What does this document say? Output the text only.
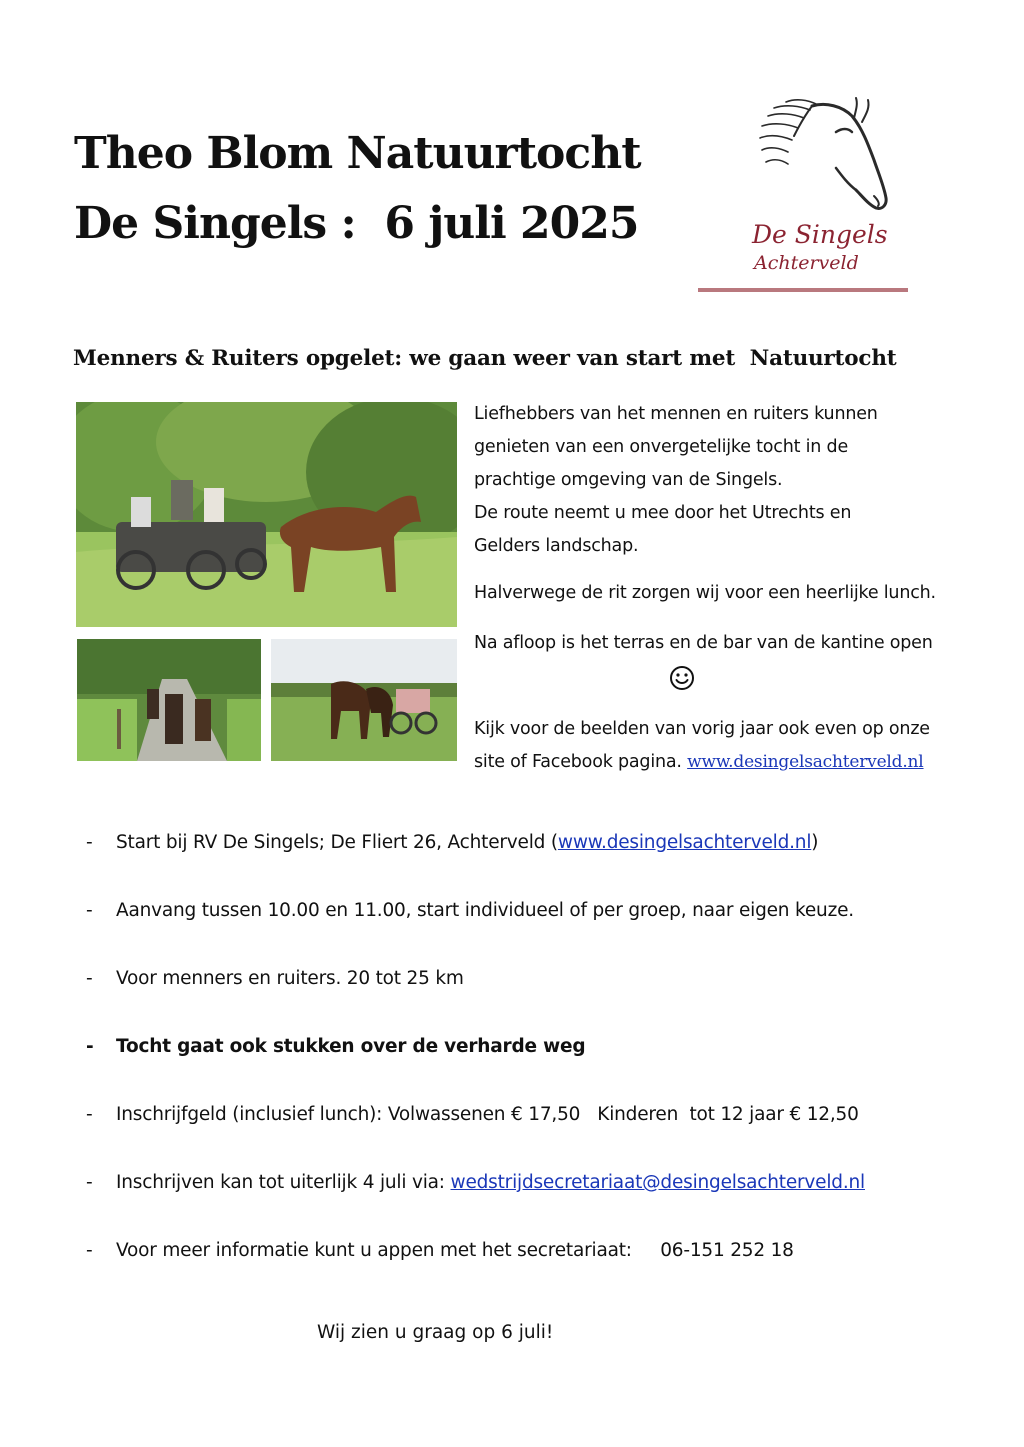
Theo Blom Natuurtocht
De Singels :  6 juli 2025	De Singels
Achterveld
Menners & Ruiters opgelet: we gaan weer van start met  Natuurtocht
Liefhebbers van het mennen en ruiters kunnen
genieten van een onvergetelijke tocht in de
prachtige omgeving van de Singels.
De route neemt u mee door het Utrechts en
Gelders landschap.
Halverwege de rit zorgen wij voor een heerlijke lunch.
Na afloop is het terras en de bar van de kantine open
Kijk voor de beelden van vorig jaar ook even op onze
site of Facebook pagina. www.desingelsachterveld.nl
- Start bij RV De Singels; De Fliert 26, Achterveld (www.desingelsachterveld.nl)
- Aanvang tussen 10.00 en 11.00, start individueel of per groep, naar eigen keuze.
- Voor menners en ruiters. 20 tot 25 km
- Tocht gaat ook stukken over de verharde weg
- Inschrijfgeld (inclusief lunch): Volwassenen € 17,50   Kinderen  tot 12 jaar € 12,50
- Inschrijven kan tot uiterlijk 4 juli via: wedstrijdsecretariaat@desingelsachterveld.nl
- Voor meer informatie kunt u appen met het secretariaat:     06-151 252 18
Wij zien u graag op 6 juli!
